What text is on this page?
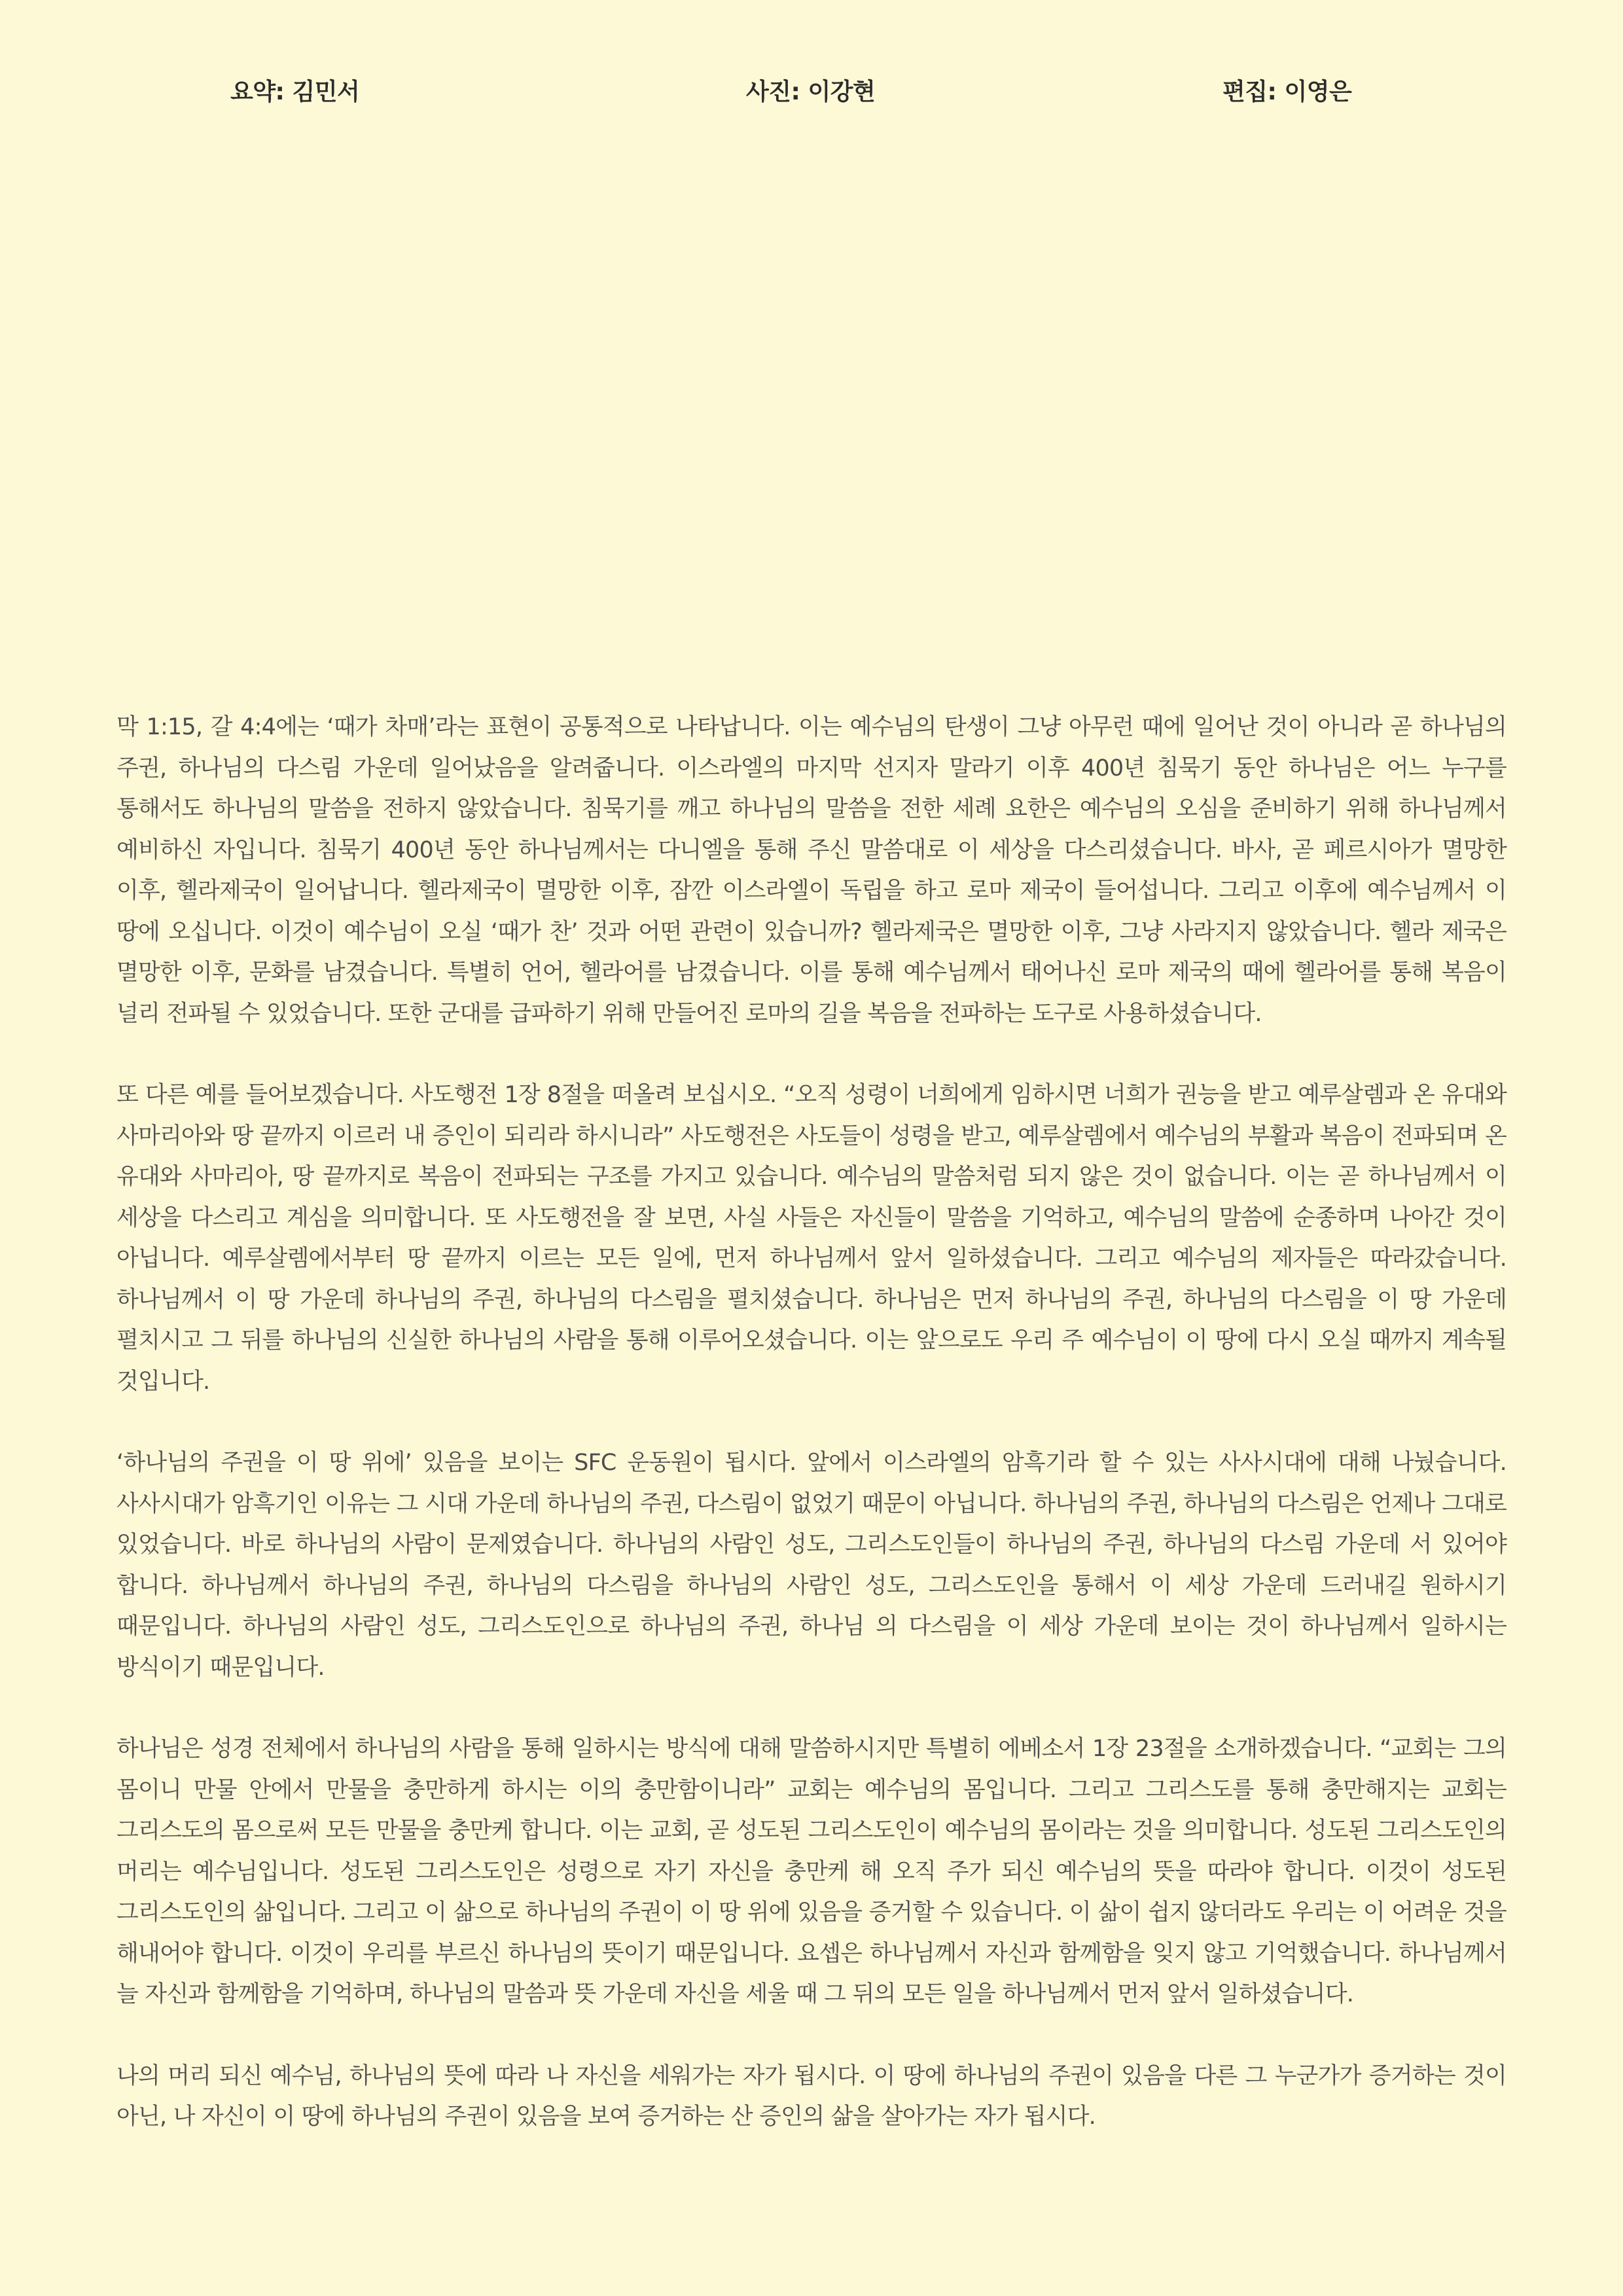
요약: 김민서	사진: 이강현	편집: 이영은

막 1:15, 갈 4:4에는 ‘때가 차매’라는 표현이 공통적으로 나타납니다. 이는 예수님의 탄생이 그냥 아무런 때에 일어난 것이 아니라 곧 하나님의 주권, 하나님의 다스림 가운데 일어났음을 알려줍니다. 이스라엘의 마지막 선지자 말라기 이후 400년 침묵기 동안 하나님은 어느 누구를 통해서도 하나님의 말씀을 전하지 않았습니다. 침묵기를 깨고 하나님의 말씀을 전한 세례 요한은 예수님의 오심을 준비하기 위해 하나님께서 예비하신 자입니다. 침묵기 400년 동안 하나님께서는 다니엘을 통해 주신 말씀대로 이 세상을 다스리셨습니다. 바사, 곧 페르시아가 멸망한 이후, 헬라제국이 일어납니다. 헬라제국이 멸망한 이후, 잠깐 이스라엘이 독립을 하고 로마 제국이 들어섭니다. 그리고 이후에 예수님께서 이 땅에 오십니다. 이것이 예수님이 오실 ‘때가 찬’ 것과 어떤 관련이 있습니까? 헬라제국은 멸망한 이후, 그냥 사라지지 않았습니다. 헬라 제국은 멸망한 이후, 문화를 남겼습니다. 특별히 언어, 헬라어를 남겼습니다. 이를 통해 예수님께서 태어나신 로마 제국의 때에 헬라어를 통해 복음이 널리 전파될 수 있었습니다. 또한 군대를 급파하기 위해 만들어진 로마의 길을 복음을 전파하는 도구로 사용하셨습니다.

또 다른 예를 들어보겠습니다. 사도행전 1장 8절을 떠올려 보십시오. “오직 성령이 너희에게 임하시면 너희가 권능을 받고 예루살렘과 온 유대와 사마리아와 땅 끝까지 이르러 내 증인이 되리라 하시니라” 사도행전은 사도들이 성령을 받고, 예루살렘에서 예수님의 부활과 복음이 전파되며 온 유대와 사마리아, 땅 끝까지로 복음이 전파되는 구조를 가지고 있습니다. 예수님의 말씀처럼 되지 않은 것이 없습니다. 이는 곧 하나님께서 이 세상을 다스리고 계심을 의미합니다. 또 사도행전을 잘 보면, 사실 사들은 자신들이 말씀을 기억하고, 예수님의 말씀에 순종하며 나아간 것이 아닙니다. 예루살렘에서부터 땅 끝까지 이르는 모든 일에, 먼저 하나님께서 앞서 일하셨습니다. 그리고 예수님의 제자들은 따라갔습니다. 하나님께서 이 땅 가운데 하나님의 주권, 하나님의 다스림을 펼치셨습니다. 하나님은 먼저 하나님의 주권, 하나님의 다스림을 이 땅 가운데 펼치시고 그 뒤를 하나님의 신실한 하나님의 사람을 통해 이루어오셨습니다. 이는 앞으로도 우리 주 예수님이 이 땅에 다시 오실 때까지 계속될 것입니다.

‘하나님의 주권을 이 땅 위에’ 있음을 보이는 SFC 운동원이 됩시다. 앞에서 이스라엘의 암흑기라 할 수 있는 사사시대에 대해 나눴습니다. 사사시대가 암흑기인 이유는 그 시대 가운데 하나님의 주권, 다스림이 없었기 때문이 아닙니다. 하나님의 주권, 하나님의 다스림은 언제나 그대로 있었습니다. 바로 하나님의 사람이 문제였습니다. 하나님의 사람인 성도, 그리스도인들이 하나님의 주권, 하나님의 다스림 가운데 서 있어야 합니다. 하나님께서 하나님의 주권, 하나님의 다스림을 하나님의 사람인 성도, 그리스도인을 통해서 이 세상 가운데 드러내길 원하시기 때문입니다. 하나님의 사람인 성도, 그리스도인으로 하나님의 주권, 하나님 의 다스림을 이 세상 가운데 보이는 것이 하나님께서 일하시는 방식이기 때문입니다.

하나님은 성경 전체에서 하나님의 사람을 통해 일하시는 방식에 대해 말씀하시지만 특별히 에베소서 1장 23절을 소개하겠습니다. “교회는 그의 몸이니 만물 안에서 만물을 충만하게 하시는 이의 충만함이니라” 교회는 예수님의 몸입니다. 그리고 그리스도를 통해 충만해지는 교회는 그리스도의 몸으로써 모든 만물을 충만케 합니다. 이는 교회, 곧 성도된 그리스도인이 예수님의 몸이라는 것을 의미합니다. 성도된 그리스도인의 머리는 예수님입니다. 성도된 그리스도인은 성령으로 자기 자신을 충만케 해 오직 주가 되신 예수님의 뜻을 따라야 합니다. 이것이 성도된 그리스도인의 삶입니다. 그리고 이 삶으로 하나님의 주권이 이 땅 위에 있음을 증거할 수 있습니다. 이 삶이 쉽지 않더라도 우리는 이 어려운 것을 해내어야 합니다. 이것이 우리를 부르신 하나님의 뜻이기 때문입니다. 요셉은 하나님께서 자신과 함께함을 잊지 않고 기억했습니다. 하나님께서 늘 자신과 함께함을 기억하며, 하나님의 말씀과 뜻 가운데 자신을 세울 때 그 뒤의 모든 일을 하나님께서 먼저 앞서 일하셨습니다.

나의 머리 되신 예수님, 하나님의 뜻에 따라 나 자신을 세워가는 자가 됩시다. 이 땅에 하나님의 주권이 있음을 다른 그 누군가가 증거하는 것이 아닌, 나 자신이 이 땅에 하나님의 주권이 있음을 보여 증거하는 산 증인의 삶을 살아가는 자가 됩시다.
